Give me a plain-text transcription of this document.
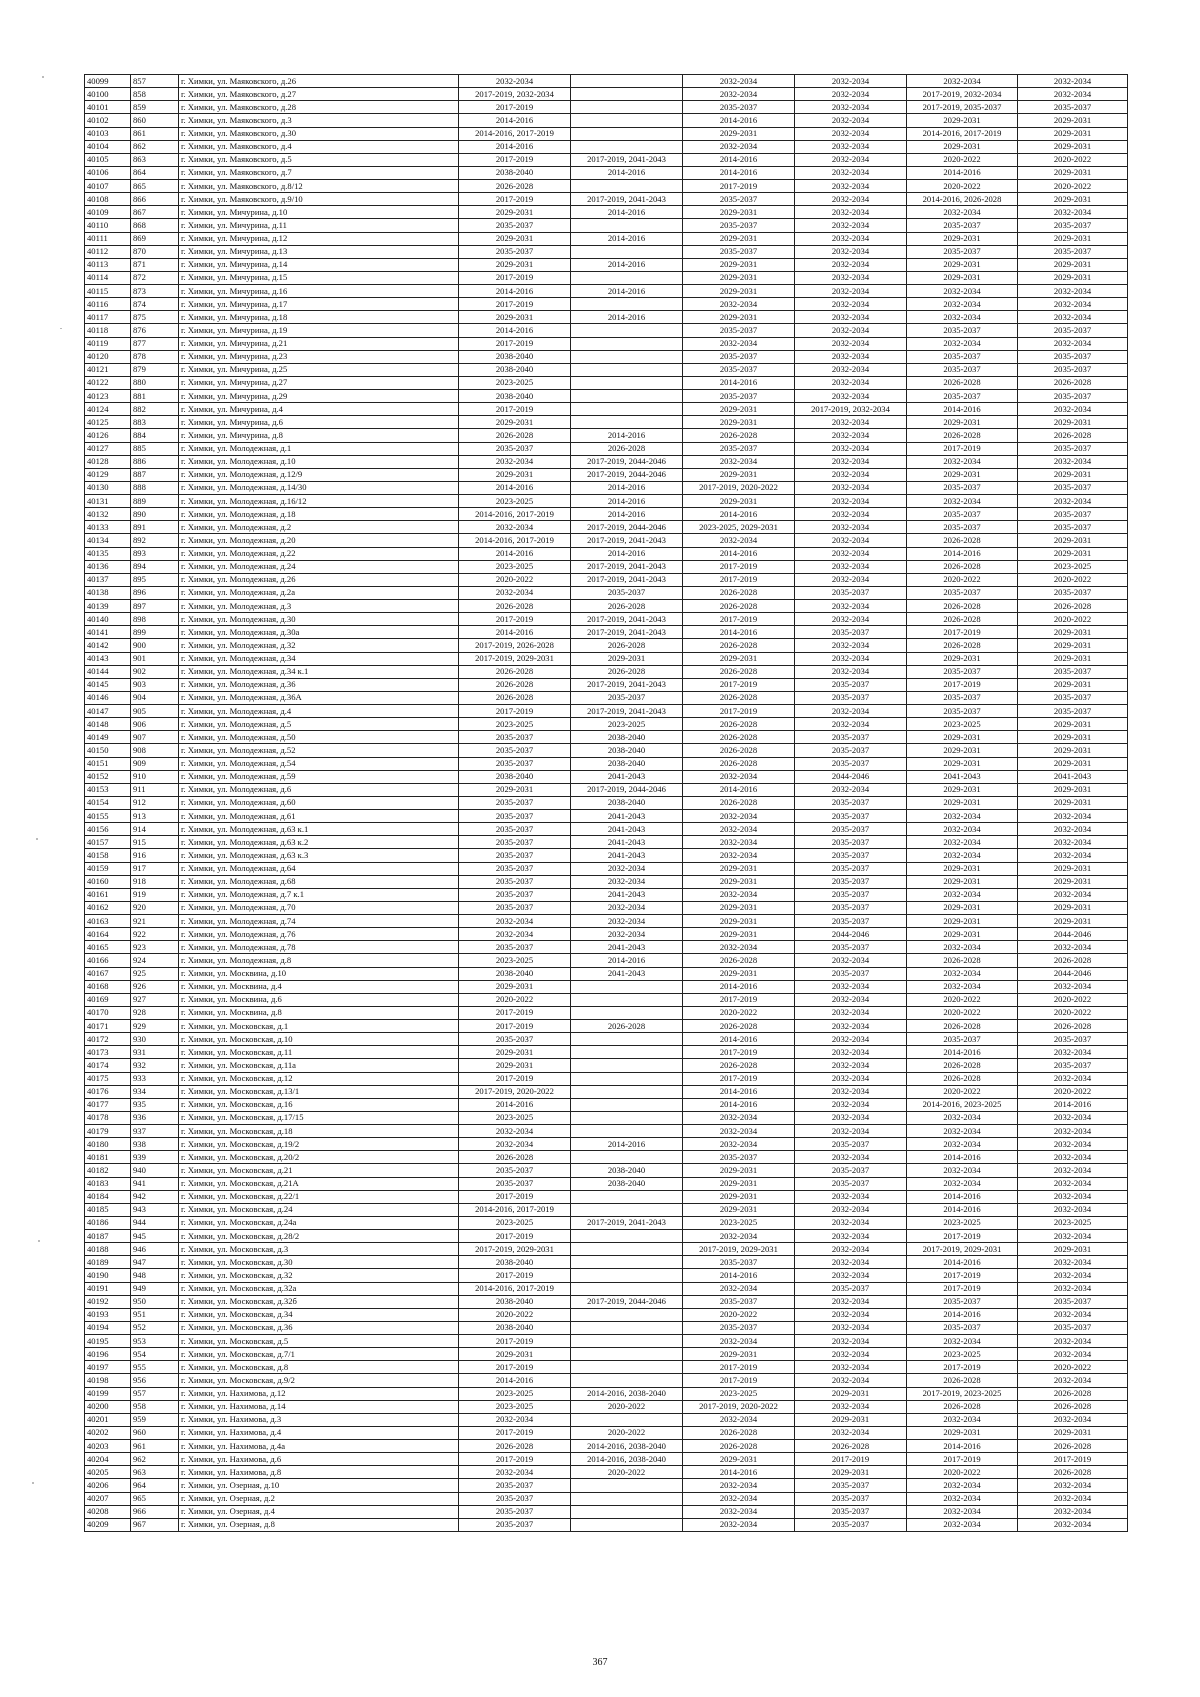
40099	857	г. Химки, ул. Маяковского, д.26	2032-2034		2032-2034	2032-2034	2032-2034	2032-2034
40100	858	г. Химки, ул. Маяковского, д.27	2017-2019, 2032-2034		2032-2034	2032-2034	2017-2019, 2032-2034	2032-2034
40101	859	г. Химки, ул. Маяковского, д.28	2017-2019		2035-2037	2032-2034	2017-2019, 2035-2037	2035-2037
40102	860	г. Химки, ул. Маяковского, д.3	2014-2016		2014-2016	2032-2034	2029-2031	2029-2031
40103	861	г. Химки, ул. Маяковского, д.30	2014-2016, 2017-2019		2029-2031	2032-2034	2014-2016, 2017-2019	2029-2031
40104	862	г. Химки, ул. Маяковского, д.4	2014-2016		2032-2034	2032-2034	2029-2031	2029-2031
40105	863	г. Химки, ул. Маяковского, д.5	2017-2019	2017-2019, 2041-2043	2014-2016	2032-2034	2020-2022	2020-2022
40106	864	г. Химки, ул. Маяковского, д.7	2038-2040	2014-2016	2014-2016	2032-2034	2014-2016	2029-2031
40107	865	г. Химки, ул. Маяковского, д.8/12	2026-2028		2017-2019	2032-2034	2020-2022	2020-2022
40108	866	г. Химки, ул. Маяковского, д.9/10	2017-2019	2017-2019, 2041-2043	2035-2037	2032-2034	2014-2016, 2026-2028	2029-2031
40109	867	г. Химки, ул. Мичурина, д.10	2029-2031	2014-2016	2029-2031	2032-2034	2032-2034	2032-2034
40110	868	г. Химки, ул. Мичурина, д.11	2035-2037		2035-2037	2032-2034	2035-2037	2035-2037
40111	869	г. Химки, ул. Мичурина, д.12	2029-2031	2014-2016	2029-2031	2032-2034	2029-2031	2029-2031
40112	870	г. Химки, ул. Мичурина, д.13	2035-2037		2035-2037	2032-2034	2035-2037	2035-2037
40113	871	г. Химки, ул. Мичурина, д.14	2029-2031	2014-2016	2029-2031	2032-2034	2029-2031	2029-2031
40114	872	г. Химки, ул. Мичурина, д.15	2017-2019		2029-2031	2032-2034	2029-2031	2029-2031
40115	873	г. Химки, ул. Мичурина, д.16	2014-2016	2014-2016	2029-2031	2032-2034	2032-2034	2032-2034
40116	874	г. Химки, ул. Мичурина, д.17	2017-2019		2032-2034	2032-2034	2032-2034	2032-2034
40117	875	г. Химки, ул. Мичурина, д.18	2029-2031	2014-2016	2029-2031	2032-2034	2032-2034	2032-2034
40118	876	г. Химки, ул. Мичурина, д.19	2014-2016		2035-2037	2032-2034	2035-2037	2035-2037
40119	877	г. Химки, ул. Мичурина, д.21	2017-2019		2032-2034	2032-2034	2032-2034	2032-2034
40120	878	г. Химки, ул. Мичурина, д.23	2038-2040		2035-2037	2032-2034	2035-2037	2035-2037
40121	879	г. Химки, ул. Мичурина, д.25	2038-2040		2035-2037	2032-2034	2035-2037	2035-2037
40122	880	г. Химки, ул. Мичурина, д.27	2023-2025		2014-2016	2032-2034	2026-2028	2026-2028
40123	881	г. Химки, ул. Мичурина, д.29	2038-2040		2035-2037	2032-2034	2035-2037	2035-2037
40124	882	г. Химки, ул. Мичурина, д.4	2017-2019		2029-2031	2017-2019, 2032-2034	2014-2016	2032-2034
40125	883	г. Химки, ул. Мичурина, д.6	2029-2031		2029-2031	2032-2034	2029-2031	2029-2031
40126	884	г. Химки, ул. Мичурина, д.8	2026-2028	2014-2016	2026-2028	2032-2034	2026-2028	2026-2028
40127	885	г. Химки, ул. Молодежная, д.1	2035-2037	2026-2028	2035-2037	2032-2034	2017-2019	2035-2037
40128	886	г. Химки, ул. Молодежная, д.10	2032-2034	2017-2019, 2044-2046	2032-2034	2032-2034	2032-2034	2032-2034
40129	887	г. Химки, ул. Молодежная, д.12/9	2029-2031	2017-2019, 2044-2046	2029-2031	2032-2034	2029-2031	2029-2031
40130	888	г. Химки, ул. Молодежная, д.14/30	2014-2016	2014-2016	2017-2019, 2020-2022	2032-2034	2035-2037	2035-2037
40131	889	г. Химки, ул. Молодежная, д.16/12	2023-2025	2014-2016	2029-2031	2032-2034	2032-2034	2032-2034
40132	890	г. Химки, ул. Молодежная, д.18	2014-2016, 2017-2019	2014-2016	2014-2016	2032-2034	2035-2037	2035-2037
40133	891	г. Химки, ул. Молодежная, д.2	2032-2034	2017-2019, 2044-2046	2023-2025, 2029-2031	2032-2034	2035-2037	2035-2037
40134	892	г. Химки, ул. Молодежная, д.20	2014-2016, 2017-2019	2017-2019, 2041-2043	2032-2034	2032-2034	2026-2028	2029-2031
40135	893	г. Химки, ул. Молодежная, д.22	2014-2016	2014-2016	2014-2016	2032-2034	2014-2016	2029-2031
40136	894	г. Химки, ул. Молодежная, д.24	2023-2025	2017-2019, 2041-2043	2017-2019	2032-2034	2026-2028	2023-2025
40137	895	г. Химки, ул. Молодежная, д.26	2020-2022	2017-2019, 2041-2043	2017-2019	2032-2034	2020-2022	2020-2022
40138	896	г. Химки, ул. Молодежная, д.2а	2032-2034	2035-2037	2026-2028	2035-2037	2035-2037	2035-2037
40139	897	г. Химки, ул. Молодежная, д.3	2026-2028	2026-2028	2026-2028	2032-2034	2026-2028	2026-2028
40140	898	г. Химки, ул. Молодежная, д.30	2017-2019	2017-2019, 2041-2043	2017-2019	2032-2034	2026-2028	2020-2022
40141	899	г. Химки, ул. Молодежная, д.30а	2014-2016	2017-2019, 2041-2043	2014-2016	2035-2037	2017-2019	2029-2031
40142	900	г. Химки, ул. Молодежная, д.32	2017-2019, 2026-2028	2026-2028	2026-2028	2032-2034	2026-2028	2029-2031
40143	901	г. Химки, ул. Молодежная, д.34	2017-2019, 2029-2031	2029-2031	2029-2031	2032-2034	2029-2031	2029-2031
40144	902	г. Химки, ул. Молодежная, д.34 к.1	2026-2028	2026-2028	2026-2028	2032-2034	2035-2037	2035-2037
40145	903	г. Химки, ул. Молодежная, д.36	2026-2028	2017-2019, 2041-2043	2017-2019	2035-2037	2017-2019	2029-2031
40146	904	г. Химки, ул. Молодежная, д.36А	2026-2028	2035-2037	2026-2028	2035-2037	2035-2037	2035-2037
40147	905	г. Химки, ул. Молодежная, д.4	2017-2019	2017-2019, 2041-2043	2017-2019	2032-2034	2035-2037	2035-2037
40148	906	г. Химки, ул. Молодежная, д.5	2023-2025	2023-2025	2026-2028	2032-2034	2023-2025	2029-2031
40149	907	г. Химки, ул. Молодежная, д.50	2035-2037	2038-2040	2026-2028	2035-2037	2029-2031	2029-2031
40150	908	г. Химки, ул. Молодежная, д.52	2035-2037	2038-2040	2026-2028	2035-2037	2029-2031	2029-2031
40151	909	г. Химки, ул. Молодежная, д.54	2035-2037	2038-2040	2026-2028	2035-2037	2029-2031	2029-2031
40152	910	г. Химки, ул. Молодежная, д.59	2038-2040	2041-2043	2032-2034	2044-2046	2041-2043	2041-2043
40153	911	г. Химки, ул. Молодежная, д.6	2029-2031	2017-2019, 2044-2046	2014-2016	2032-2034	2029-2031	2029-2031
40154	912	г. Химки, ул. Молодежная, д.60	2035-2037	2038-2040	2026-2028	2035-2037	2029-2031	2029-2031
40155	913	г. Химки, ул. Молодежная, д.61	2035-2037	2041-2043	2032-2034	2035-2037	2032-2034	2032-2034
40156	914	г. Химки, ул. Молодежная, д.63 к.1	2035-2037	2041-2043	2032-2034	2035-2037	2032-2034	2032-2034
40157	915	г. Химки, ул. Молодежная, д.63 к.2	2035-2037	2041-2043	2032-2034	2035-2037	2032-2034	2032-2034
40158	916	г. Химки, ул. Молодежная, д.63 к.3	2035-2037	2041-2043	2032-2034	2035-2037	2032-2034	2032-2034
40159	917	г. Химки, ул. Молодежная, д.64	2035-2037	2032-2034	2029-2031	2035-2037	2029-2031	2029-2031
40160	918	г. Химки, ул. Молодежная, д.68	2035-2037	2032-2034	2029-2031	2035-2037	2029-2031	2029-2031
40161	919	г. Химки, ул. Молодежная, д.7 к.1	2035-2037	2041-2043	2032-2034	2035-2037	2032-2034	2032-2034
40162	920	г. Химки, ул. Молодежная, д.70	2035-2037	2032-2034	2029-2031	2035-2037	2029-2031	2029-2031
40163	921	г. Химки, ул. Молодежная, д.74	2032-2034	2032-2034	2029-2031	2035-2037	2029-2031	2029-2031
40164	922	г. Химки, ул. Молодежная, д.76	2032-2034	2032-2034	2029-2031	2044-2046	2029-2031	2044-2046
40165	923	г. Химки, ул. Молодежная, д.78	2035-2037	2041-2043	2032-2034	2035-2037	2032-2034	2032-2034
40166	924	г. Химки, ул. Молодежная, д.8	2023-2025	2014-2016	2026-2028	2032-2034	2026-2028	2026-2028
40167	925	г. Химки, ул. Москвина, д.10	2038-2040	2041-2043	2029-2031	2035-2037	2032-2034	2044-2046
40168	926	г. Химки, ул. Москвина, д.4	2029-2031		2014-2016	2032-2034	2032-2034	2032-2034
40169	927	г. Химки, ул. Москвина, д.6	2020-2022		2017-2019	2032-2034	2020-2022	2020-2022
40170	928	г. Химки, ул. Москвина, д.8	2017-2019		2020-2022	2032-2034	2020-2022	2020-2022
40171	929	г. Химки, ул. Московская, д.1	2017-2019	2026-2028	2026-2028	2032-2034	2026-2028	2026-2028
40172	930	г. Химки, ул. Московская, д.10	2035-2037		2014-2016	2032-2034	2035-2037	2035-2037
40173	931	г. Химки, ул. Московская, д.11	2029-2031		2017-2019	2032-2034	2014-2016	2032-2034
40174	932	г. Химки, ул. Московская, д.11а	2029-2031		2026-2028	2032-2034	2026-2028	2035-2037
40175	933	г. Химки, ул. Московская, д.12	2017-2019		2017-2019	2032-2034	2026-2028	2032-2034
40176	934	г. Химки, ул. Московская, д.13/1	2017-2019, 2020-2022		2014-2016	2032-2034	2020-2022	2020-2022
40177	935	г. Химки, ул. Московская, д.16	2014-2016		2014-2016	2032-2034	2014-2016, 2023-2025	2014-2016
40178	936	г. Химки, ул. Московская, д.17/15	2023-2025		2032-2034	2032-2034	2032-2034	2032-2034
40179	937	г. Химки, ул. Московская, д.18	2032-2034		2032-2034	2032-2034	2032-2034	2032-2034
40180	938	г. Химки, ул. Московская, д.19/2	2032-2034	2014-2016	2032-2034	2035-2037	2032-2034	2032-2034
40181	939	г. Химки, ул. Московская, д.20/2	2026-2028		2035-2037	2032-2034	2014-2016	2032-2034
40182	940	г. Химки, ул. Московская, д.21	2035-2037	2038-2040	2029-2031	2035-2037	2032-2034	2032-2034
40183	941	г. Химки, ул. Московская, д.21А	2035-2037	2038-2040	2029-2031	2035-2037	2032-2034	2032-2034
40184	942	г. Химки, ул. Московская, д.22/1	2017-2019		2029-2031	2032-2034	2014-2016	2032-2034
40185	943	г. Химки, ул. Московская, д.24	2014-2016, 2017-2019		2029-2031	2032-2034	2014-2016	2032-2034
40186	944	г. Химки, ул. Московская, д.24а	2023-2025	2017-2019, 2041-2043	2023-2025	2032-2034	2023-2025	2023-2025
40187	945	г. Химки, ул. Московская, д.28/2	2017-2019		2032-2034	2032-2034	2017-2019	2032-2034
40188	946	г. Химки, ул. Московская, д.3	2017-2019, 2029-2031		2017-2019, 2029-2031	2032-2034	2017-2019, 2029-2031	2029-2031
40189	947	г. Химки, ул. Московская, д.30	2038-2040		2035-2037	2032-2034	2014-2016	2032-2034
40190	948	г. Химки, ул. Московская, д.32	2017-2019		2014-2016	2032-2034	2017-2019	2032-2034
40191	949	г. Химки, ул. Московская, д.32а	2014-2016, 2017-2019		2032-2034	2035-2037	2017-2019	2032-2034
40192	950	г. Химки, ул. Московская, д.32б	2038-2040	2017-2019, 2044-2046	2035-2037	2032-2034	2035-2037	2035-2037
40193	951	г. Химки, ул. Московская, д.34	2020-2022		2020-2022	2032-2034	2014-2016	2032-2034
40194	952	г. Химки, ул. Московская, д.36	2038-2040		2035-2037	2032-2034	2035-2037	2035-2037
40195	953	г. Химки, ул. Московская, д.5	2017-2019		2032-2034	2032-2034	2032-2034	2032-2034
40196	954	г. Химки, ул. Московская, д.7/1	2029-2031		2029-2031	2032-2034	2023-2025	2032-2034
40197	955	г. Химки, ул. Московская, д.8	2017-2019		2017-2019	2032-2034	2017-2019	2020-2022
40198	956	г. Химки, ул. Московская, д.9/2	2014-2016		2017-2019	2032-2034	2026-2028	2032-2034
40199	957	г. Химки, ул. Нахимова, д.12	2023-2025	2014-2016, 2038-2040	2023-2025	2029-2031	2017-2019, 2023-2025	2026-2028
40200	958	г. Химки, ул. Нахимова, д.14	2023-2025	2020-2022	2017-2019, 2020-2022	2032-2034	2026-2028	2026-2028
40201	959	г. Химки, ул. Нахимова, д.3	2032-2034		2032-2034	2029-2031	2032-2034	2032-2034
40202	960	г. Химки, ул. Нахимова, д.4	2017-2019	2020-2022	2026-2028	2032-2034	2029-2031	2029-2031
40203	961	г. Химки, ул. Нахимова, д.4а	2026-2028	2014-2016, 2038-2040	2026-2028	2026-2028	2014-2016	2026-2028
40204	962	г. Химки, ул. Нахимова, д.6	2017-2019	2014-2016, 2038-2040	2029-2031	2017-2019	2017-2019	2017-2019
40205	963	г. Химки, ул. Нахимова, д.8	2032-2034	2020-2022	2014-2016	2029-2031	2020-2022	2026-2028
40206	964	г. Химки, ул. Озерная, д.10	2035-2037		2032-2034	2035-2037	2032-2034	2032-2034
40207	965	г. Химки, ул. Озерная, д.2	2035-2037		2032-2034	2035-2037	2032-2034	2032-2034
40208	966	г. Химки, ул. Озерная, д.4	2035-2037		2032-2034	2035-2037	2032-2034	2032-2034
40209	967	г. Химки, ул. Озерная, д.8	2035-2037		2032-2034	2035-2037	2032-2034	2032-2034
367
